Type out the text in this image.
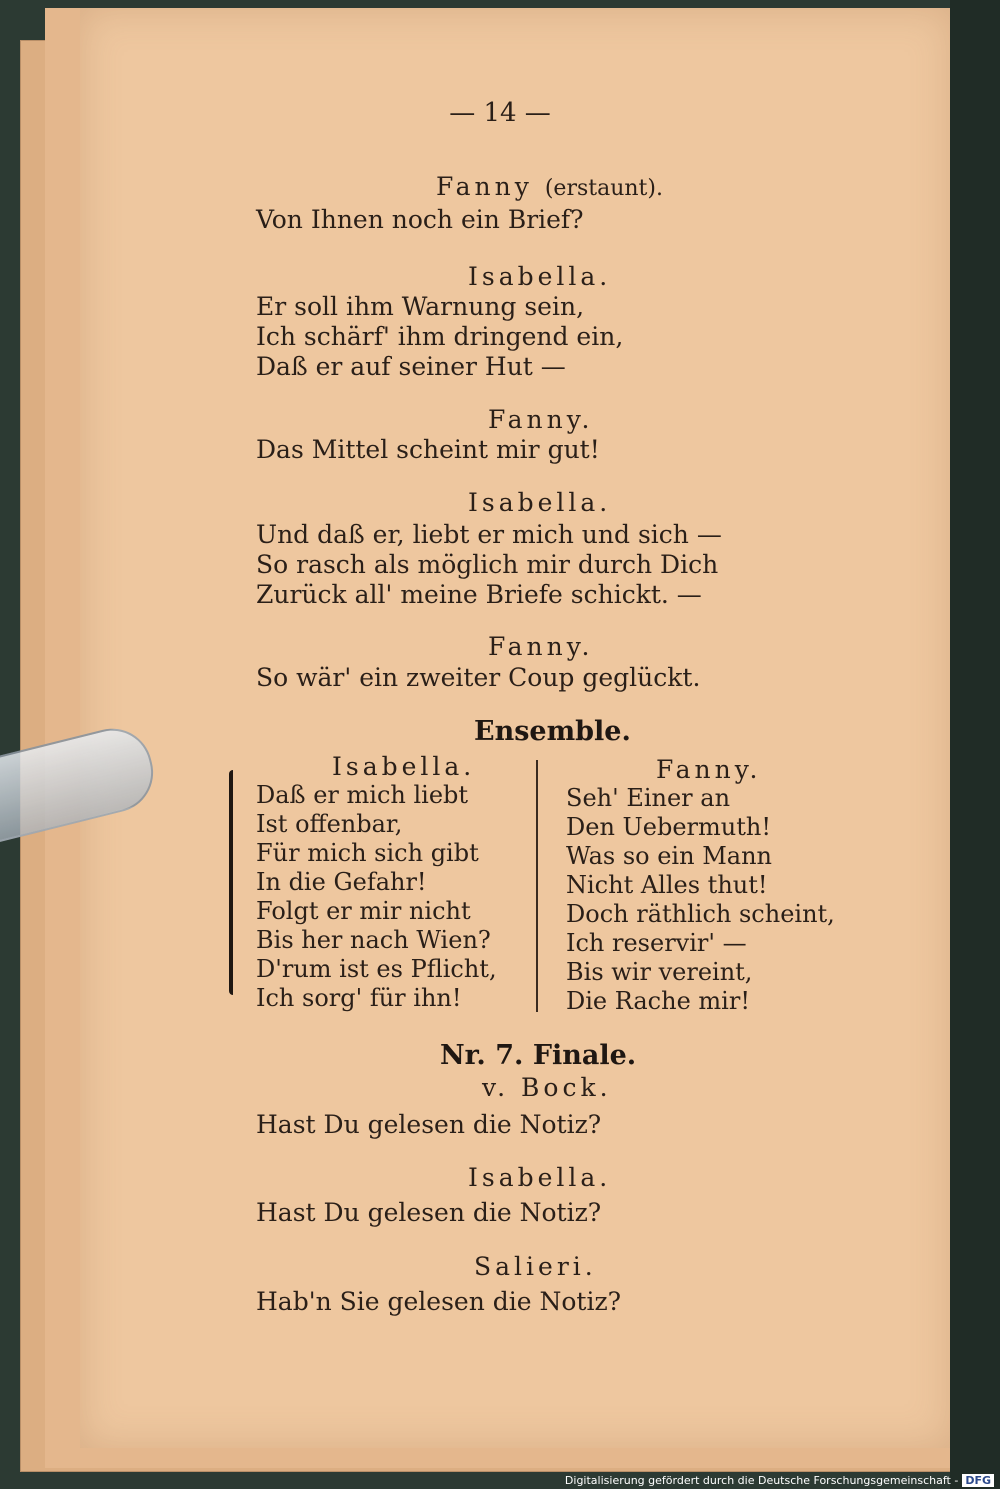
— 14 —
Fanny (erstaunt).
Von Ihnen noch ein Brief?
Isabella.
Er soll ihm Warnung sein,
Ich schärf' ihm dringend ein,
Daß er auf seiner Hut —
Fanny.
Das Mittel scheint mir gut!
Isabella.
Und daß er, liebt er mich und sich —
So rasch als möglich mir durch Dich
Zurück all' meine Briefe schickt. —
Fanny.
So wär' ein zweiter Coup geglückt.
Ensemble.
Isabella.
Daß er mich liebt
Ist offenbar,
Für mich sich gibt
In die Gefahr!
Folgt er mir nicht
Bis her nach Wien?
D'rum ist es Pflicht,
Ich sorg' für ihn!
Fanny.
Seh' Einer an
Den Uebermuth!
Was so ein Mann
Nicht Alles thut!
Doch räthlich scheint,
Ich reservir' —
Bis wir vereint,
Die Rache mir!
Nr. 7. Finale.
v. Bock.
Hast Du gelesen die Notiz?
Isabella.
Hast Du gelesen die Notiz?
Salieri.
Hab'n Sie gelesen die Notiz?
Digitalisierung gefördert durch die Deutsche Forschungsgemeinschaft - DFG
